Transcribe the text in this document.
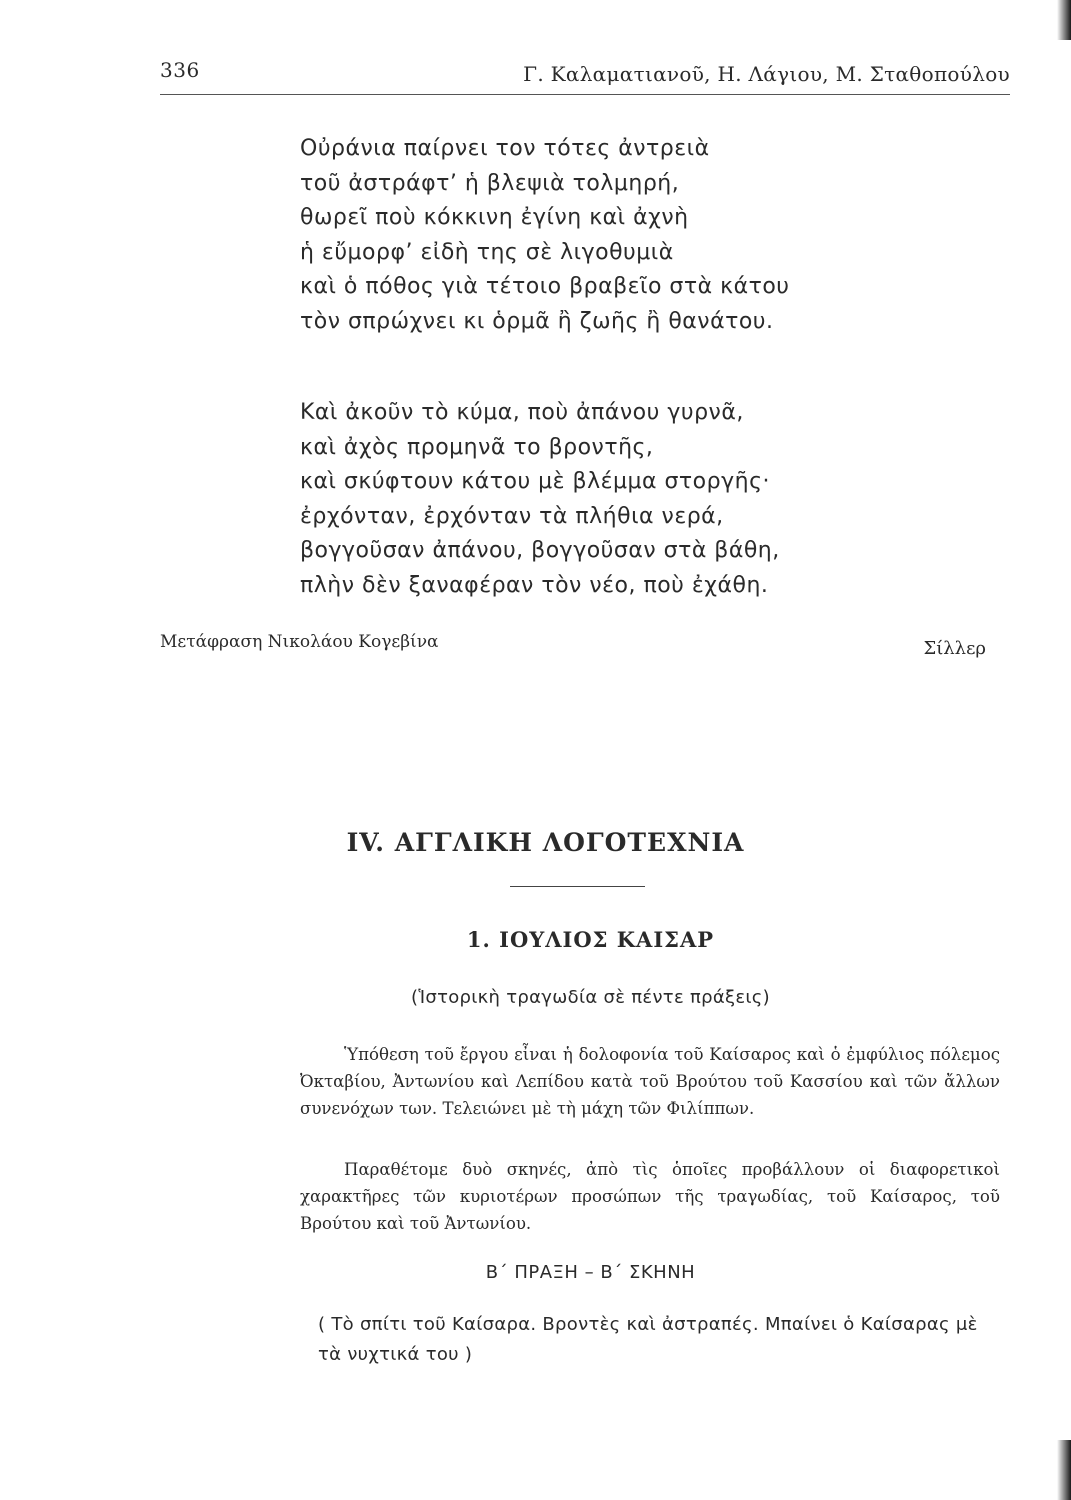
336	Γ. Καλαματιανοῦ, Η. Λάγιου, Μ. Σταθοπούλου
Οὐράνια παίρνει τον τότες ἀντρειὰ
τοῦ ἀστράφτ’ ἡ βλεψιὰ τολμηρή,
θωρεῖ ποὺ κόκκινη ἐγίνη καὶ ἀχνὴ
ἡ εὔμορφ’ εἰδὴ της σὲ λιγοθυμιὰ
καὶ ὁ πόθος γιὰ τέτοιο βραβεῖο στὰ κάτου
τὸν σπρώχνει κι ὁρμᾶ ἢ ζωῆς ἢ θανάτου.
Καὶ ἀκοῦν τὸ κύμα, ποὺ ἀπάνου γυρνᾶ,
καὶ ἀχὸς προμηνᾶ το βροντῆς,
καὶ σκύφτουν κάτου μὲ βλέμμα στοργῆς·
ἐρχόνταν, ἐρχόνταν τὰ πλήθια νερά,
βογγοῦσαν ἀπάνου, βογγοῦσαν στὰ βάθη,
πλὴν δὲν ξαναφέραν τὸν νέο, ποὺ ἐχάθη.
Μετάφραση Νικολάου Κογεβίνα	Σίλλερ
IV. ΑΓΓΛΙΚΗ ΛΟΓΟΤΕΧΝΙΑ
1. ΙΟΥΛΙΟΣ ΚΑΙΣΑΡ
(Ἱστορικὴ τραγωδία σὲ πέντε πράξεις)

Ὑπόθεση τοῦ ἔργου εἶναι ἡ δολοφονία τοῦ Καίσαρος καὶ ὁ ἐμφύλιος πόλεμος Ὀκταβίου, Ἀντωνίου καὶ Λεπίδου κατὰ τοῦ Βρούτου τοῦ Κασσίου καὶ τῶν ἄλλων συνενόχων των. Τελειώνει μὲ τὴ μάχη τῶν Φιλίππων.

Παραθέτομε δυὸ σκηνές, ἀπὸ τὶς ὁποῖες προβάλλουν οἱ διαφορετικοὶ χαρακτῆρες τῶν κυριοτέρων προσώπων τῆς τραγωδίας, τοῦ Καίσαρος, τοῦ Βρούτου καὶ τοῦ Ἀντωνίου.

Β΄ ΠΡΑΞΗ – Β΄ ΣΚΗΝΗ
( Τὸ σπίτι τοῦ Καίσαρα. Βροντὲς καὶ ἀστραπές. Μπαίνει ὁ Καίσαρας μὲ τὰ νυχτικά του )
